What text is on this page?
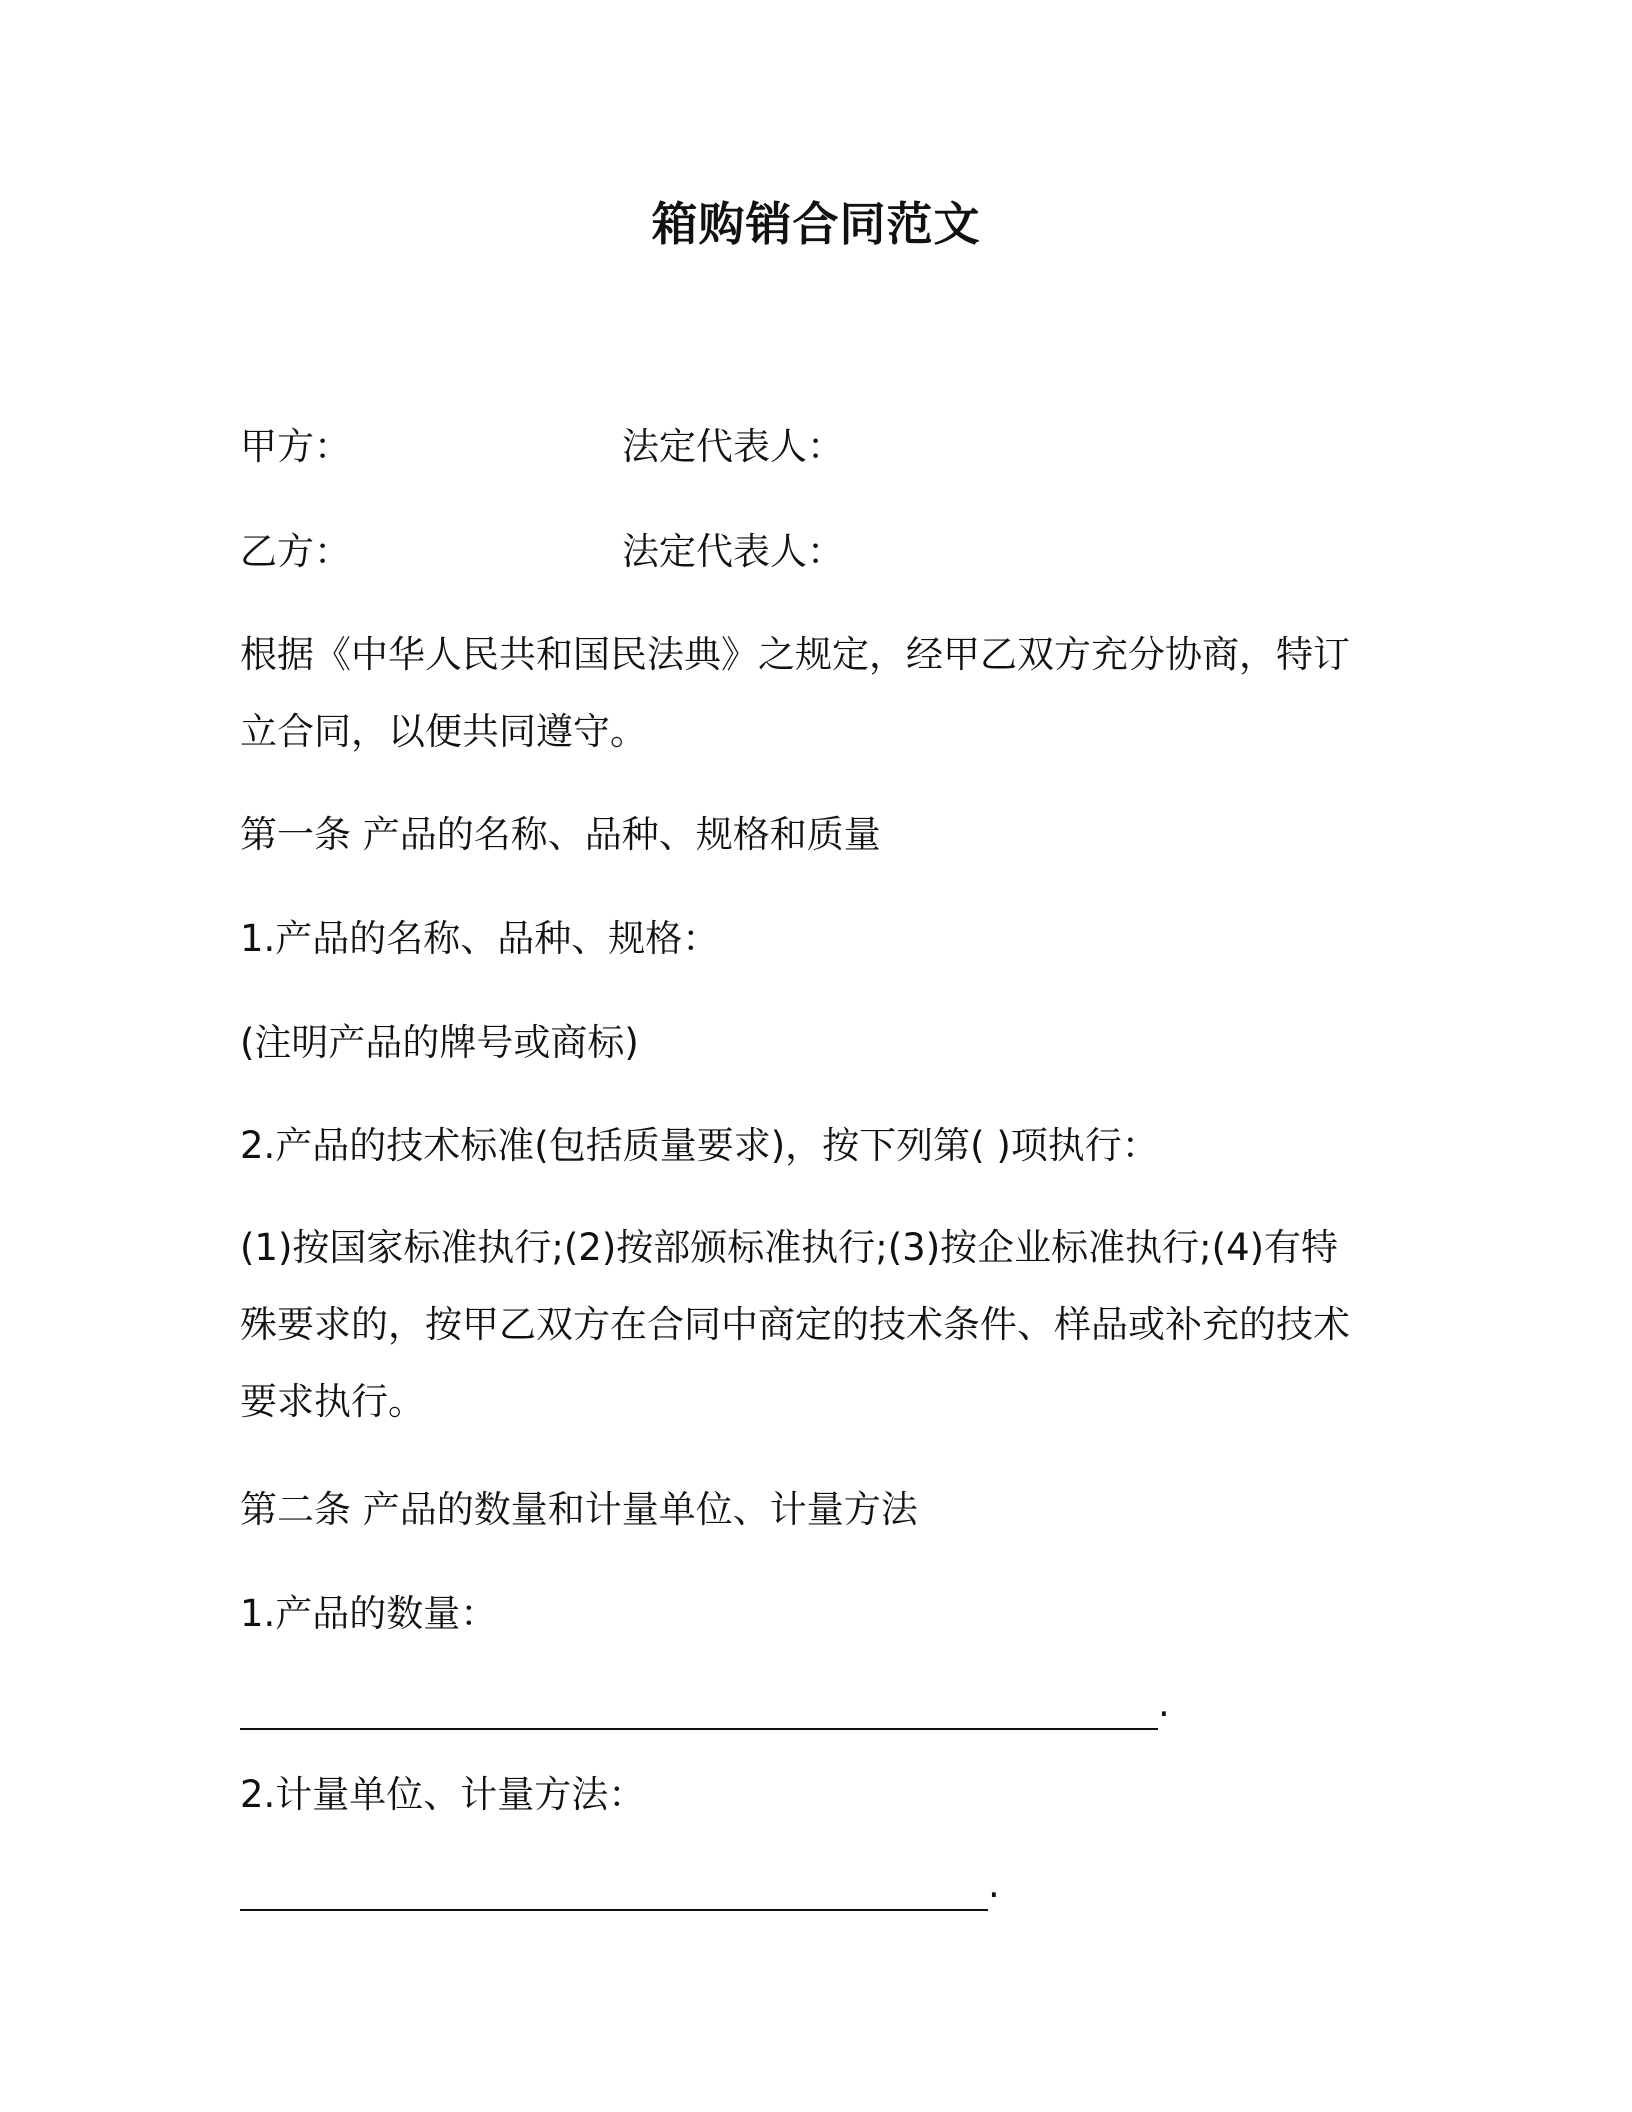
箱购销合同范文
甲方：	法定代表人：
乙方：	法定代表人：
根据《中华人民共和国民法典》之规定，经甲乙双方充分协商，特订立合同，以便共同遵守。
第一条 产品的名称、品种、规格和质量
1.产品的名称、品种、规格：
(注明产品的牌号或商标)
2.产品的技术标准(包括质量要求)，按下列第( )项执行：
(1)按国家标准执行;(2)按部颁标准执行;(3)按企业标准执行;(4)有特殊要求的，按甲乙双方在合同中商定的技术条件、样品或补充的技术要求执行。
第二条 产品的数量和计量单位、计量方法
1.产品的数量：
.
2.计量单位、计量方法：
.
